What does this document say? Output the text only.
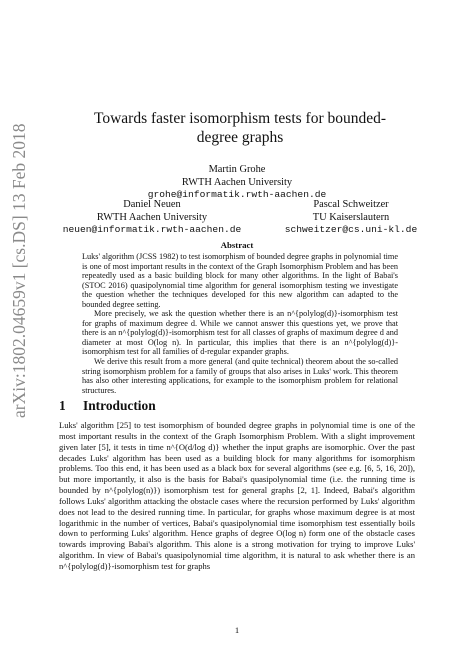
arXiv:1802.04659v1 [cs.DS] 13 Feb 2018
Towards faster isomorphism tests for bounded-degree graphs
Martin Grohe
RWTH Aachen University
grohe@informatik.rwth-aachen.de
Daniel Neuen
RWTH Aachen University
neuen@informatik.rwth-aachen.de
Pascal Schweitzer
TU Kaiserslautern
schweitzer@cs.uni-kl.de
Abstract

Luks' algorithm (JCSS 1982) to test isomorphism of bounded degree graphs in polynomial time is one of most important results in the context of the Graph Isomorphism Problem and has been repeatedly used as a basic building block for many other algorithms. In the light of Babai's (STOC 2016) quasipolynomial time algorithm for general isomorphism testing we investigate the question whether the techniques developed for this new algorithm can adapted to the bounded degree setting.

More precisely, we ask the question whether there is an n^{polylog(d)}-isomorphism test for graphs of maximum degree d. While we cannot answer this questions yet, we prove that there is an n^{polylog(d)}-isomorphism test for all classes of graphs of maximum degree d and diameter at most O(log n). In particular, this implies that there is an n^{polylog(d)}-isomorphism test for all families of d-regular expander graphs.

We derive this result from a more general (and quite technical) theorem about the so-called string isomorphism problem for a family of groups that also arises in Luks' work. This theorem has also other interesting applications, for example to the isomorphism problem for relational structures.

1 Introduction

Luks' algorithm [25] to test isomorphism of bounded degree graphs in polynomial time is one of the most important results in the context of the Graph Isomorphism Problem. With a slight improvement given later [5], it tests in time n^{O(d/log d)} whether the input graphs are isomorphic. Over the past decades Luks' algorithm has been used as a building block for many algorithms for isomorphism problems. Too this end, it has been used as a black box for several algorithms (see e.g. [6, 5, 16, 20]), but more importantly, it also is the basis for Babai's quasipolynomial time (i.e. the running time is bounded by n^{polylog(n)}) isomorphism test for general graphs [2, 1]. Indeed, Babai's algorithm follows Luks' algorithm attacking the obstacle cases where the recursion performed by Luks' algorithm does not lead to the desired running time. In particular, for graphs whose maximum degree is at most logarithmic in the number of vertices, Babai's quasipolynomial time isomorphism test essentially boils down to performing Luks' algorithm. Hence graphs of degree O(log n) form one of the obstacle cases towards improving Babai's algorithm. This alone is a strong motivation for trying to improve Luks' algorithm. In view of Babai's quasipolynomial time algorithm, it is natural to ask whether there is an n^{polylog(d)}-isomorphism test for graphs

1
